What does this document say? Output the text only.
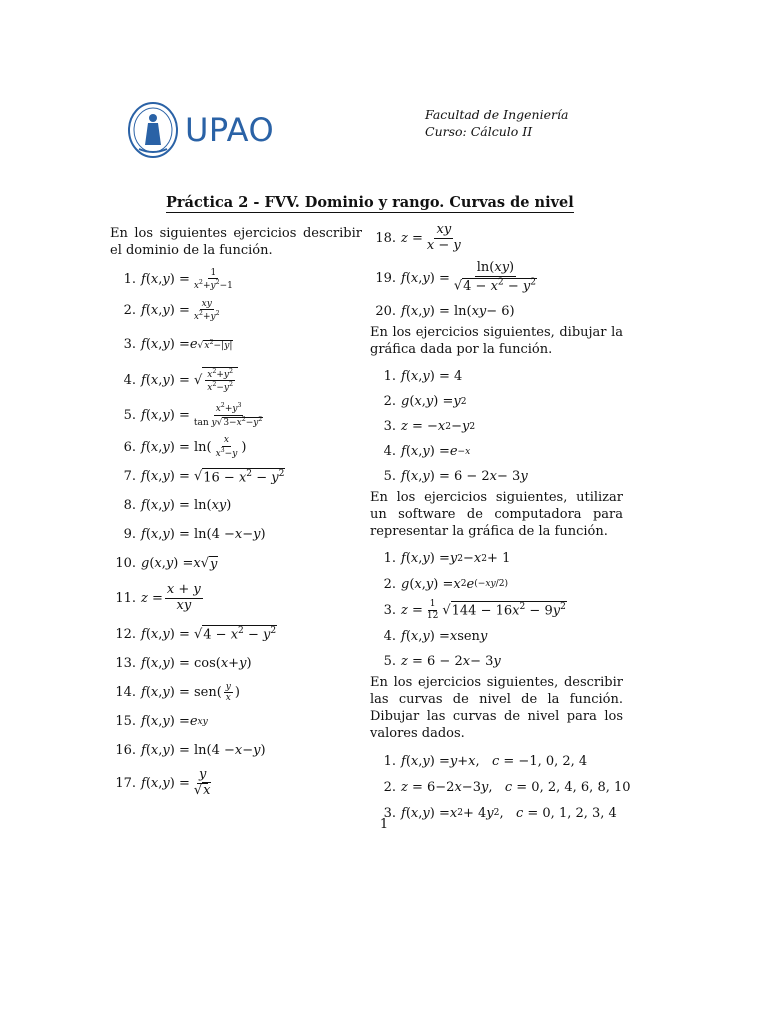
UPAO	Facultad de Ingeniería
Curso: Cálculo II
Práctica 2 - FVV. Dominio y rango. Curvas de nivel
En los siguientes ejercicios describir el dominio de la función.
1. f ( x , y ) = 1
$x^2+y^2-1$
2. f ( x , y ) = xy
$x^2+y^2$
3. f ( x , y ) = e $√x^2-|y|$
4. f ( x , y ) = √ $\frac{x^2+y^2}{x^2-y^2}$
5. f ( x , y ) =	$x^2+y^3$
$\tan y√3-x^2-y^2$
6. f ( x , y ) = ln( x
$x^3-y$ )
7. f ( x , y ) = √ $16 - x^2 - y^2$
8. f ( x , y ) = ln( xy )
9. f ( x , y ) = ln(4 − x − y )
10. g ( x , y ) = x √ y
11. z =
x + y
xy
12. f ( x , y ) = √ $4 - x^2 - y^2$
13. f ( x , y ) = cos( x + y )
14. f ( x , y ) = sen( y
x )
15. f ( x , y ) = e xy
16. f ( x , y ) = ln(4 − x − y )
17. f ( x , y ) =
y
√x
18. z =
xy
x − y
19. f ( x , y ) =
ln(xy)
$√4 - x^2 - y^2$
20. f ( x , y ) = ln( xy − 6)
En los ejercicios siguientes, dibujar la gráfica dada por la función.
1. f ( x , y ) = 4
2. g ( x , y ) = y 2
3. z = − x 2 − y 2
4. f ( x , y ) = e −x
5. f ( x , y ) = 6 − 2 x − 3 y
En los ejercicios siguientes, utilizar un software de computadora para representar la gráfica de la función.
1. f ( x , y ) = y 2 − x 2 + 1
2. g ( x , y ) = x 2 e (−xy/2)
3. z = 1
12 √ $144 - 16x^2 - 9y^2$
4. f ( x , y ) = x sen y
5. z = 6 − 2 x − 3 y
En los ejercicios siguientes, describir las curvas de nivel de la función. Dibujar las curvas de nivel para los valores dados.
1. f ( x , y ) = y + x , c = −1, 0, 2, 4
2. z = 6−2 x −3 y , c = 0, 2, 4, 6, 8, 10
3. f ( x , y ) = x 2 + 4 y 2 , c = 0, 1, 2, 3, 4
1
